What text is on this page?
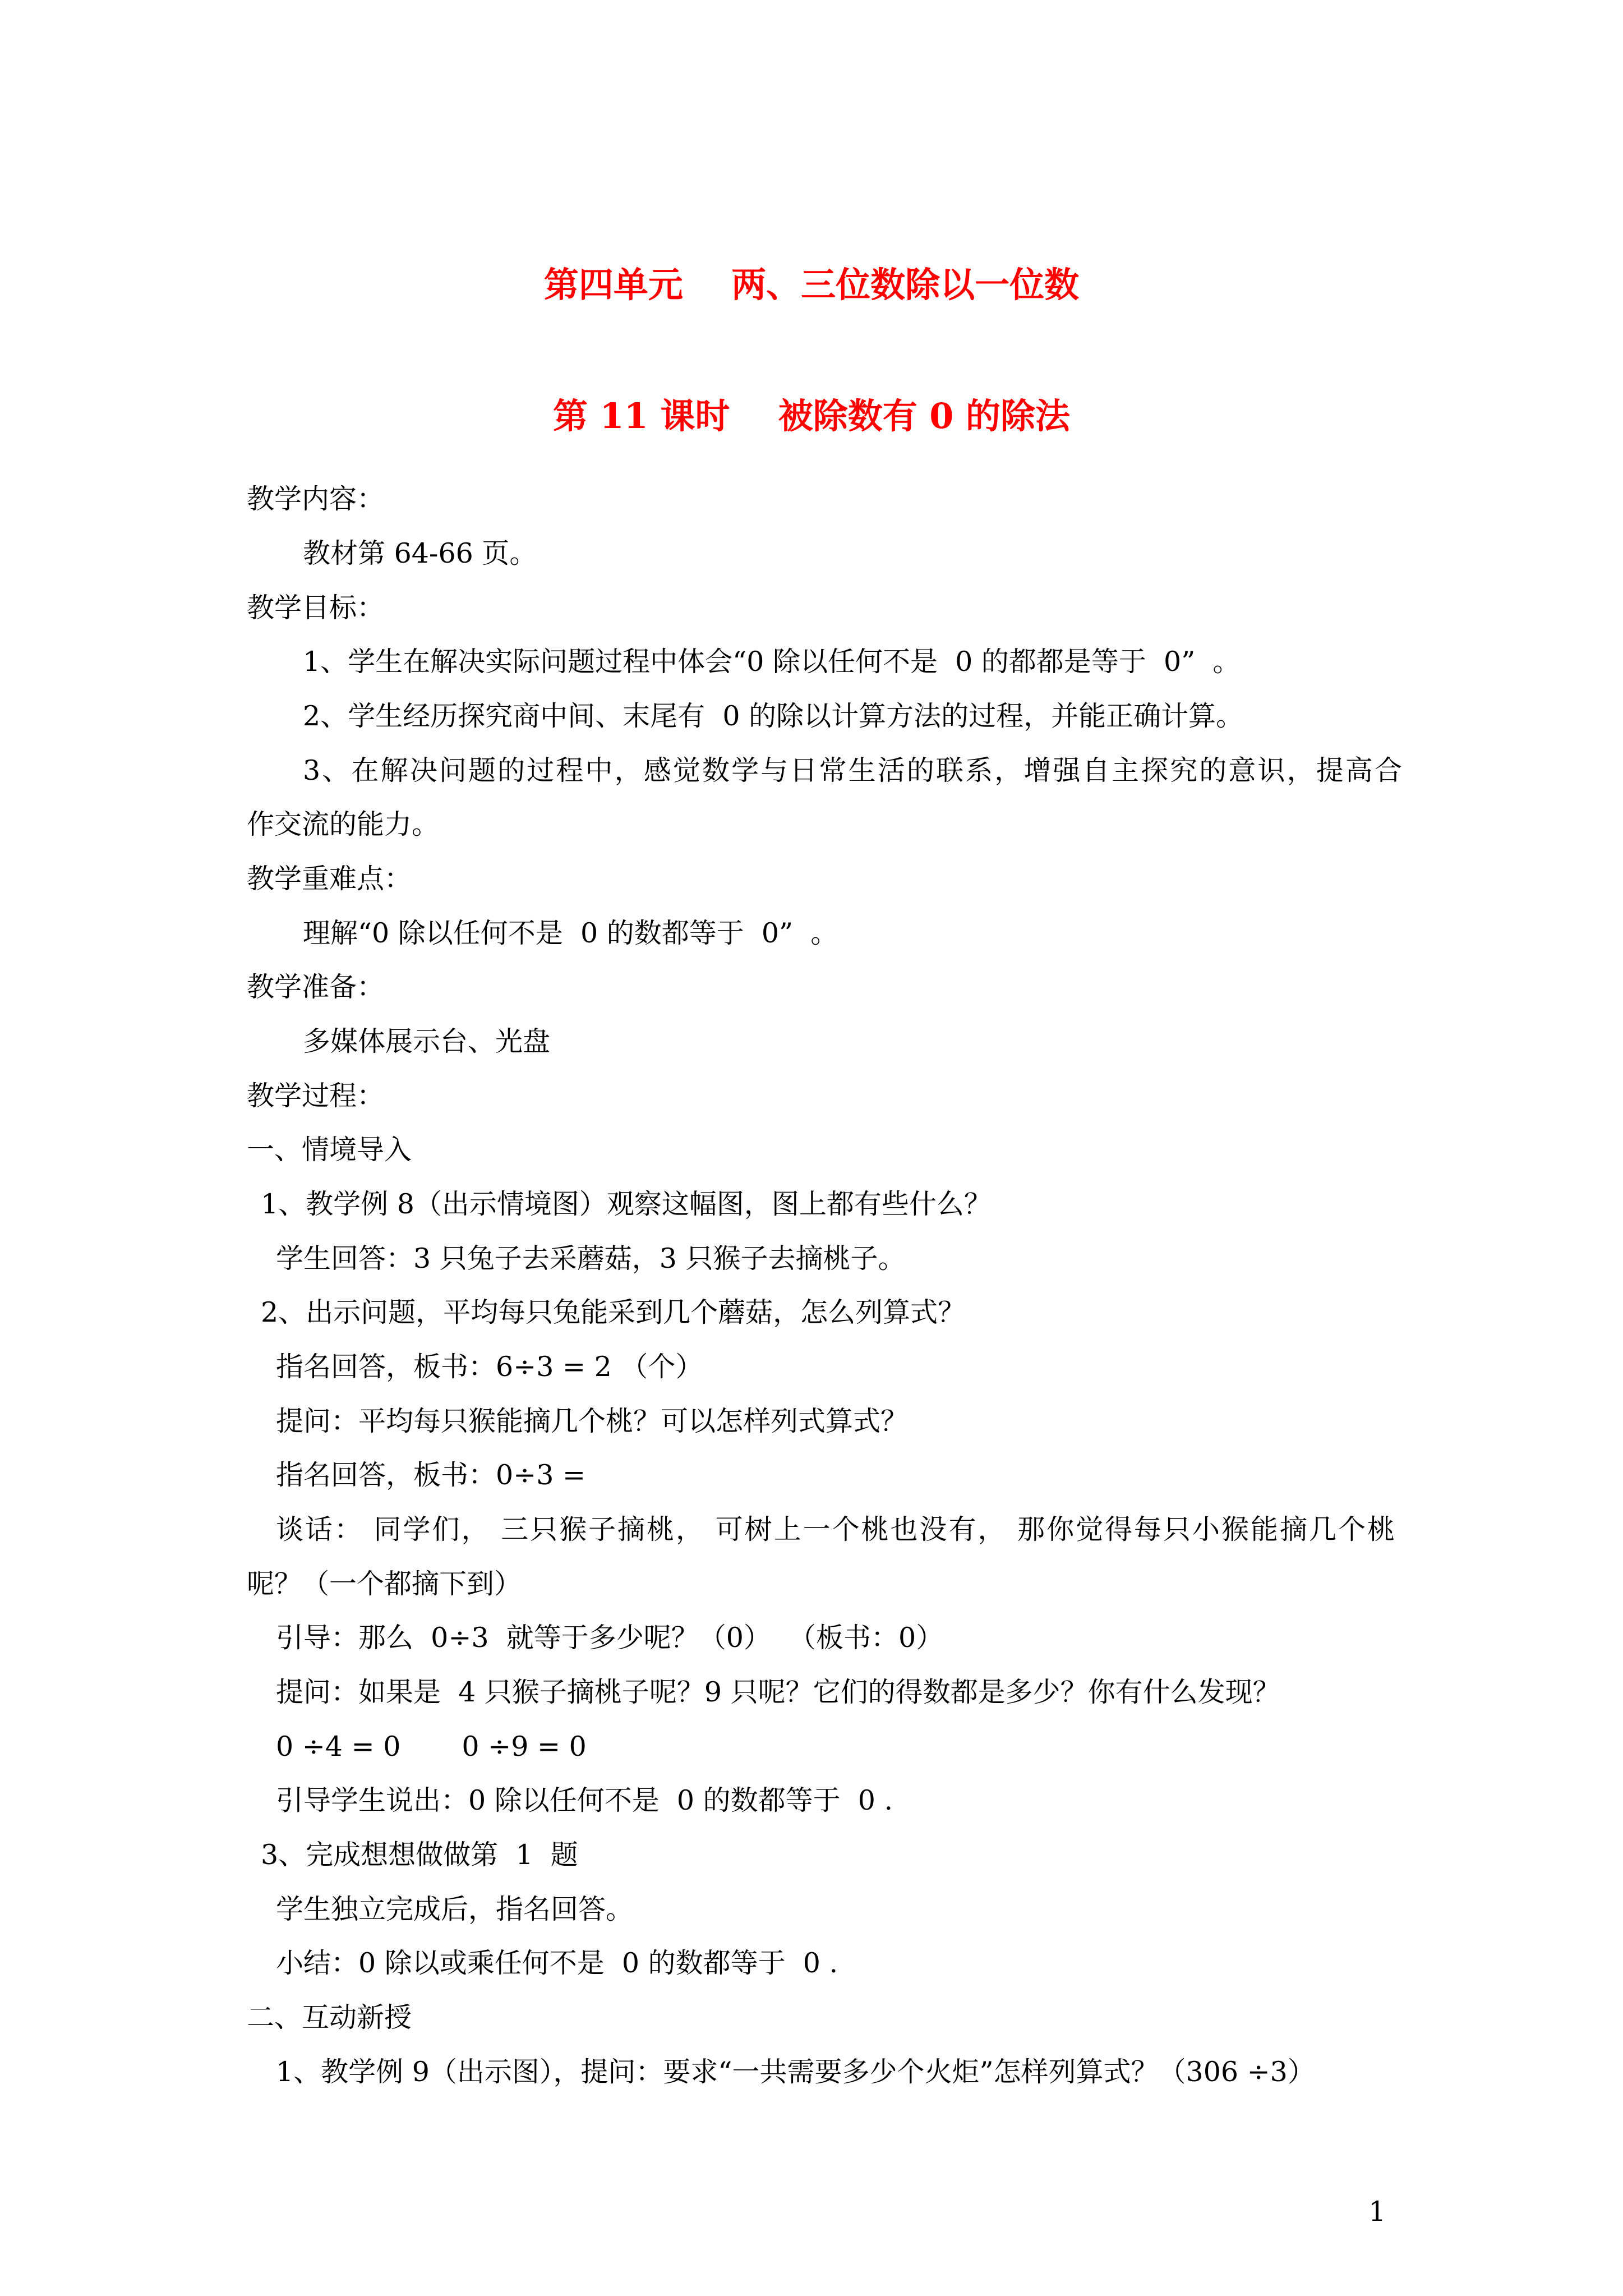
第四单元    两、三位数除以一位数
第 11 课时    被除数有 0 的除法
教学内容：
教材第 64-66 页。
教学目标：
1、学生在解决实际问题过程中体会“0 除以任何不是  0 的都都是等于  0”  。
2、学生经历探究商中间、末尾有  0 的除以计算方法的过程，并能正确计算。
3、在解决问题的过程中，感觉数学与日常生活的联系，增强自主探究的意识，提高合
作交流的能力。
教学重难点：
理解“0 除以任何不是  0 的数都等于  0”  。
教学准备：
多媒体展示台、光盘
教学过程：
一、情境导入
1、教学例 8（出示情境图）观察这幅图，图上都有些什么？
学生回答：3 只兔子去采蘑菇，3 只猴子去摘桃子。
2、出示问题，平均每只兔能采到几个蘑菇，怎么列算式？
指名回答，板书：6÷3 = 2 （个）
提问：平均每只猴能摘几个桃？可以怎样列式算式？
指名回答，板书：0÷3 =
谈话： 同学们， 三只猴子摘桃， 可树上一个桃也没有， 那你觉得每只小猴能摘几个桃
呢？（一个都摘下到）
引导：那么  0÷3  就等于多少呢？（0）  （板书：0）
提问：如果是  4 只猴子摘桃子呢？9 只呢？它们的得数都是多少？你有什么发现？
0 ÷4 = 0       0 ÷9 = 0
引导学生说出：0 除以任何不是  0 的数都等于  0 .
3、完成想想做做第  1  题
学生独立完成后，指名回答。
小结：0 除以或乘任何不是  0 的数都等于  0 .
二、互动新授
1、教学例 9（出示图），提问：要求“一共需要多少个火炬”怎样列算式？（306 ÷3）
1
